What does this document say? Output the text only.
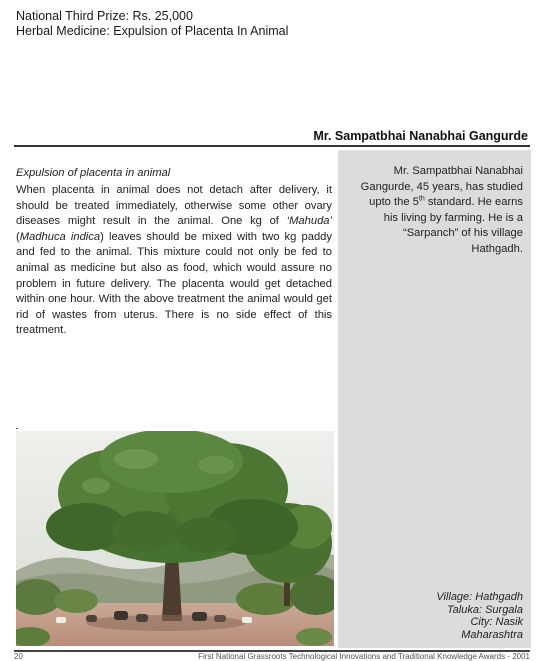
National Third Prize: Rs. 25,000
Herbal Medicine: Expulsion of Placenta In Animal
Mr. Sampatbhai Nanabhai Gangurde
Expulsion of placenta in animal
When placenta in animal does not detach after delivery, it should be treated immediately, otherwise some other ovary diseases might result in the animal. One kg of ‘Mahuda’ (Madhuca indica) leaves should be mixed with two kg paddy and fed to the animal. This mixture could not only be fed to animal as medicine but also as food, which would assure no problem in future delivery. The placenta would get detached within one hour. With the above treatment the animal would get rid of wastes from uterus. There is no side effect of this treatment.
Mr. Sampatbhai Nanabhai Gangurde, 45 years, has studied upto the 5th standard. He earns his living by farming. He is a “Sarpanch” of his village Hathgadh.
Village: Hathgadh
Taluka: Surgala
City: Nasik
Maharashtra
20	First National Grassroots Technological Innovations and Traditional Knowledge Awards - 2001
